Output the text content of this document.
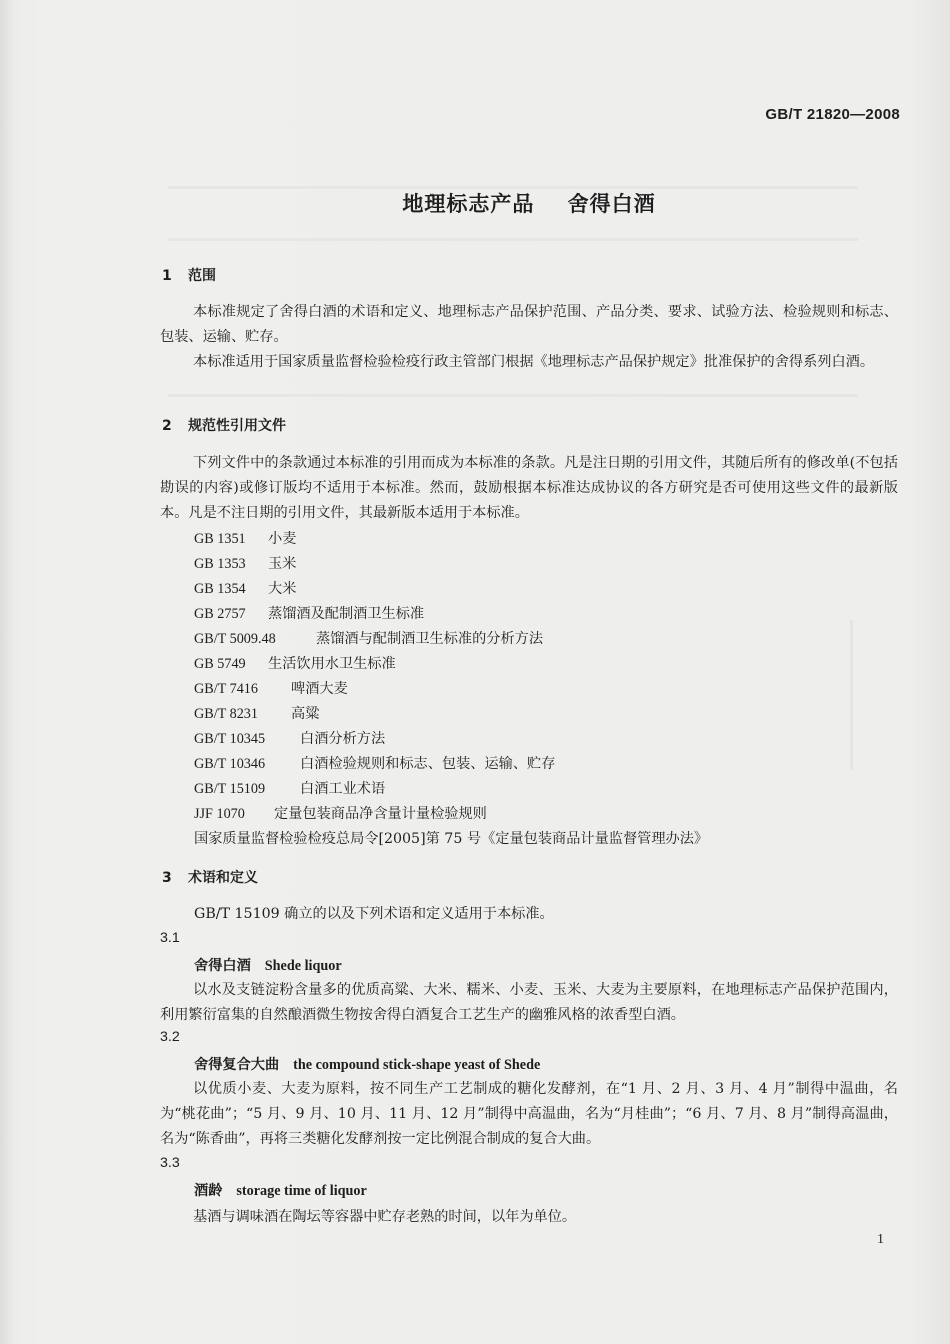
GB/T 21820—2008
地理标志产品 舍得白酒
1 范围
本标准规定了舍得白酒的术语和定义、地理标志产品保护范围、产品分类、要求、试验方法、检验规则和标志、包装、运输、贮存。
本标准适用于国家质量监督检验检疫行政主管部门根据《地理标志产品保护规定》批准保护的舍得系列白酒。
2 规范性引用文件
下列文件中的条款通过本标准的引用而成为本标准的条款。凡是注日期的引用文件，其随后所有的修改单(不包括勘误的内容)或修订版均不适用于本标准。然而，鼓励根据本标准达成协议的各方研究是否可使用这些文件的最新版本。凡是不注日期的引用文件，其最新版本适用于本标准。
GB 1351 小麦
GB 1353 玉米
GB 1354 大米
GB 2757 蒸馏酒及配制酒卫生标准
GB/T 5009.48	蒸馏酒与配制酒卫生标准的分析方法
GB 5749 生活饮用水卫生标准
GB/T 7416 啤酒大麦
GB/T 8231 高粱
GB/T 10345 白酒分析方法
GB/T 10346 白酒检验规则和标志、包装、运输、贮存
GB/T 15109 白酒工业术语
JJF 1070 定量包装商品净含量计量检验规则
国家质量监督检验检疫总局令[2005]第 75 号《定量包装商品计量监督管理办法》
3 术语和定义
GB/T 15109 确立的以及下列术语和定义适用于本标准。
3.1
舍得白酒 Shede liquor
以水及支链淀粉含量多的优质高粱、大米、糯米、小麦、玉米、大麦为主要原料，在地理标志产品保护范围内，利用繁衍富集的自然酿酒微生物按舍得白酒复合工艺生产的幽雅风格的浓香型白酒。
3.2
舍得复合大曲 the compound stick-shape yeast of Shede
以优质小麦、大麦为原料，按不同生产工艺制成的糖化发酵剂，在“1 月、2 月、3 月、4 月”制得中温曲，名为“桃花曲”；“5 月、9 月、10 月、11 月、12 月”制得中高温曲，名为“月桂曲”；“6 月、7 月、8 月”制得高温曲，名为“陈香曲”，再将三类糖化发酵剂按一定比例混合制成的复合大曲。
3.3
酒龄 storage time of liquor
基酒与调味酒在陶坛等容器中贮存老熟的时间，以年为单位。
1
